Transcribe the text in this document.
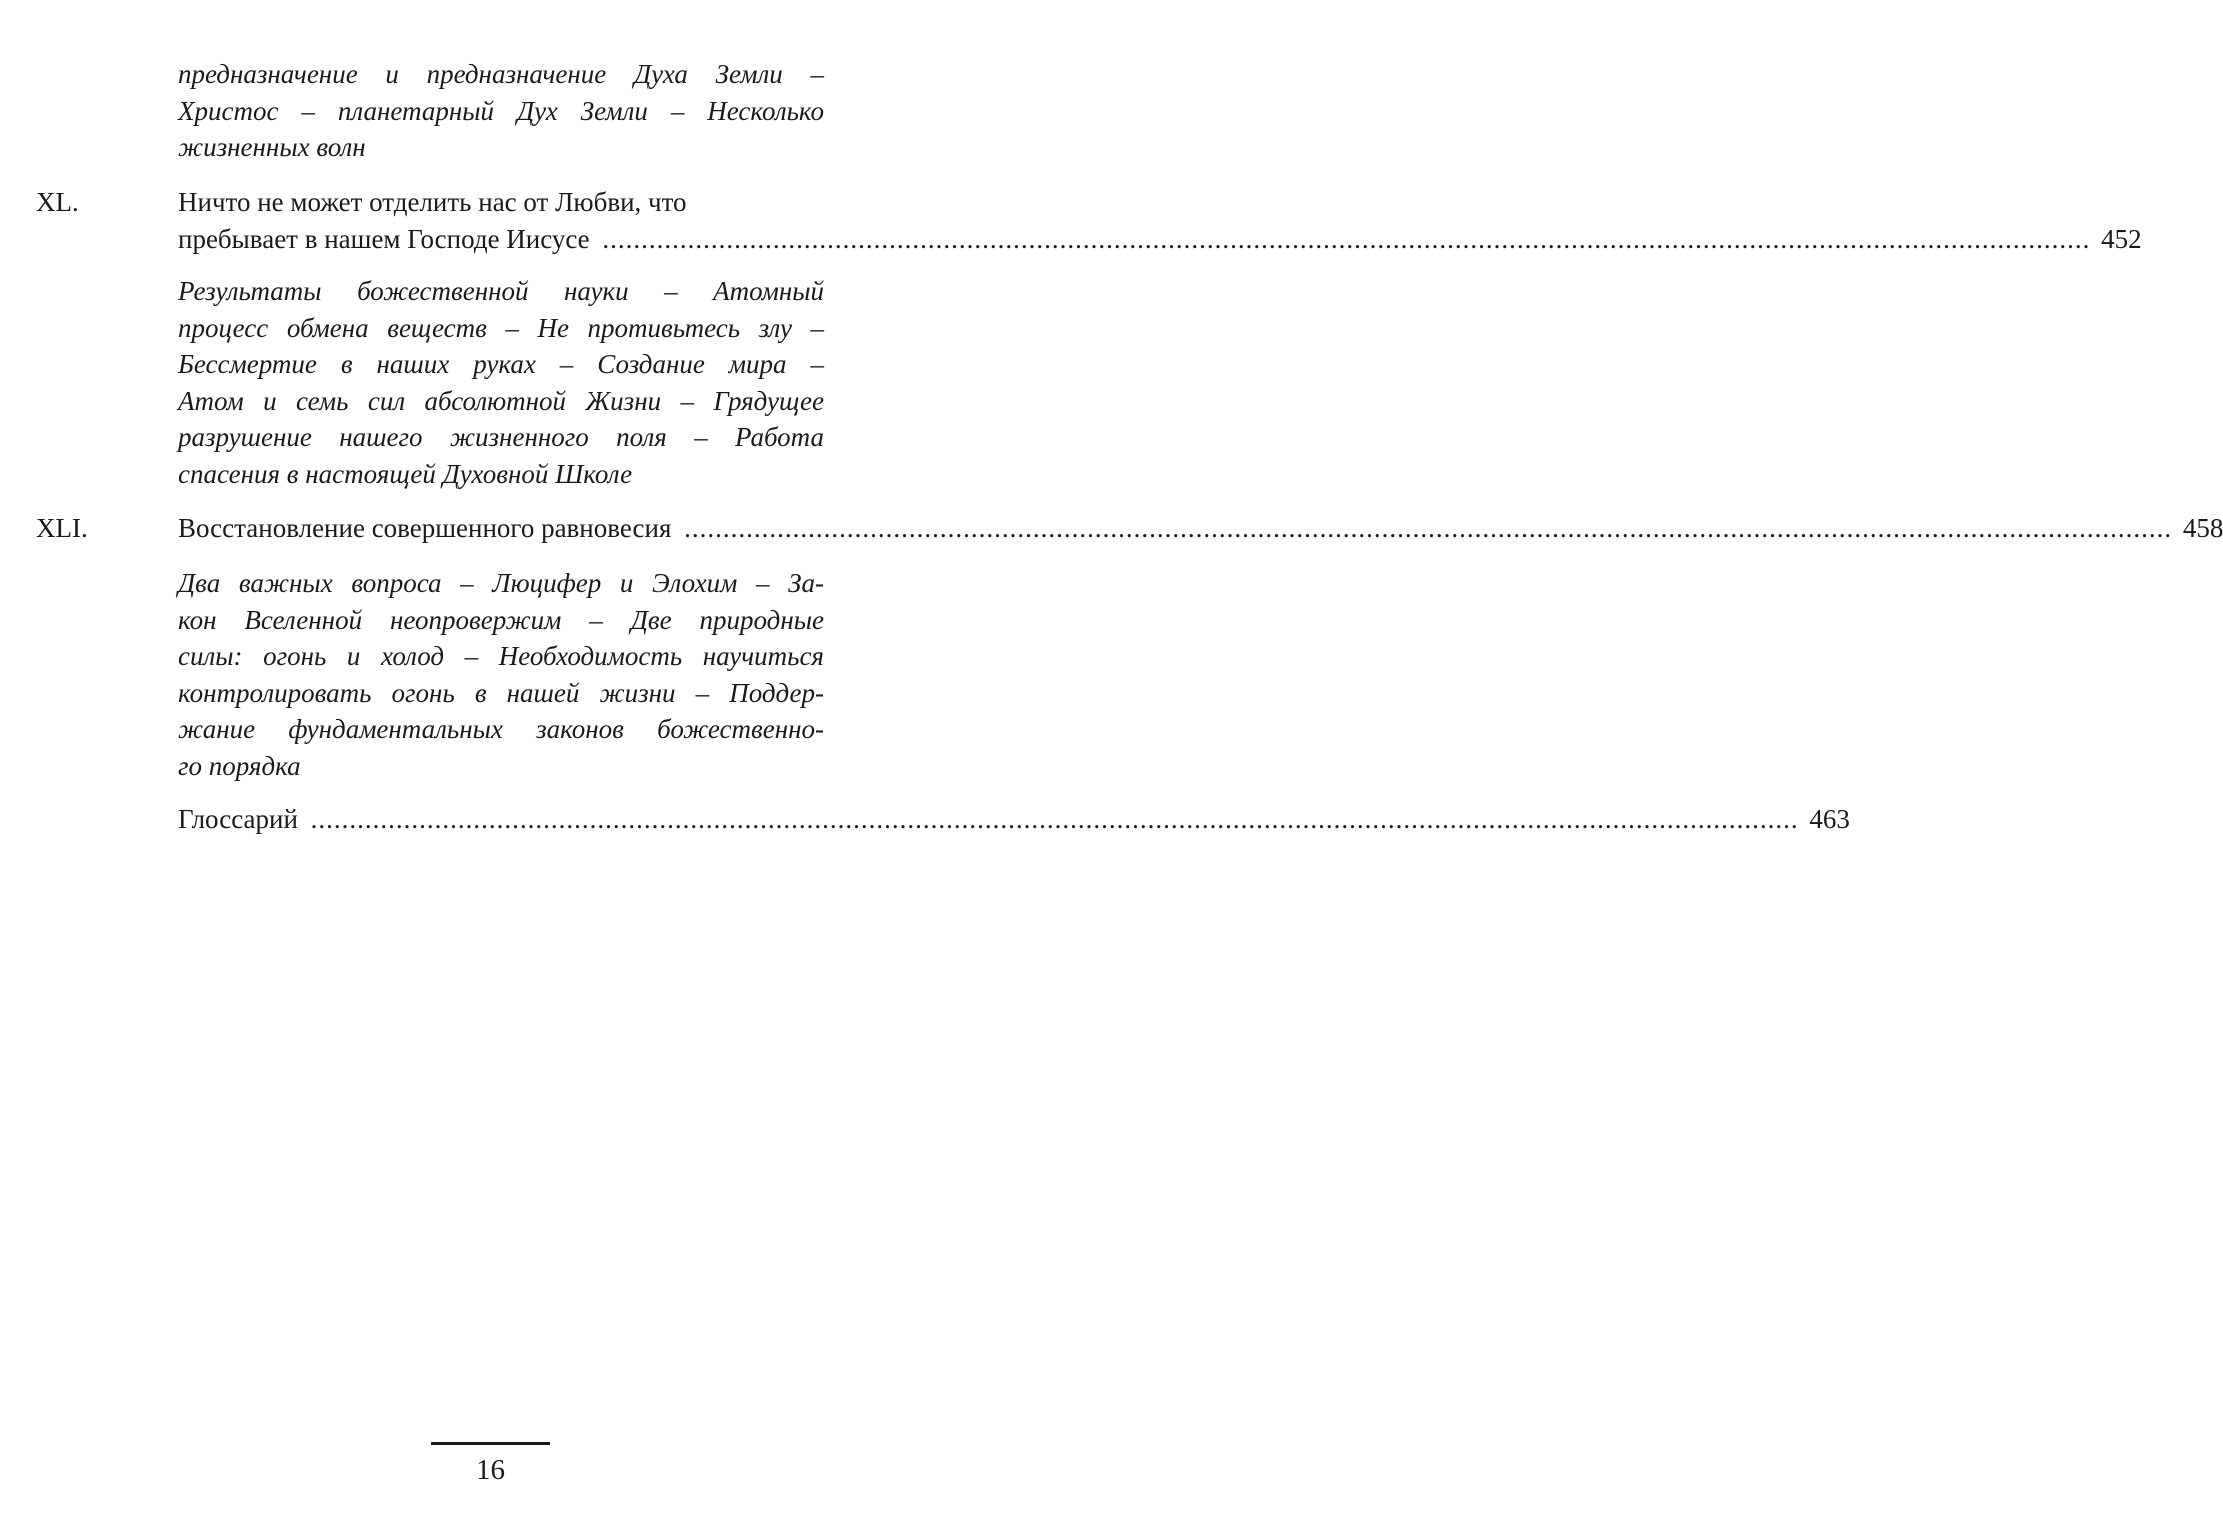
предназначение и предназначение Духа Земли –
Христос – планетарный Дух Земли – Несколько
жизненных волн
XL.	Ничто не может отделить нас от Любви, что
пребывает в нашем Господе Иисусе .....	452
Результаты божественной науки – Атомный
процесс обмена веществ – Не противьтесь злу –
Бессмертие в наших руках – Создание мира –
Атом и семь сил абсолютной Жизни – Грядущее
разрушение нашего жизненного поля – Работа
спасения в настоящей Духовной Школе
XLI.	Восстановление совершенного равновесия .....	458
Два важных вопроса – Люцифер и Элохим – За-
кон Вселенной неопровержим – Две природные
силы: огонь и холод – Необходимость научиться
контролировать огонь в нашей жизни – Поддер-
жание фундаментальных законов божественно-
го порядка
Глоссарий .....	463
16
